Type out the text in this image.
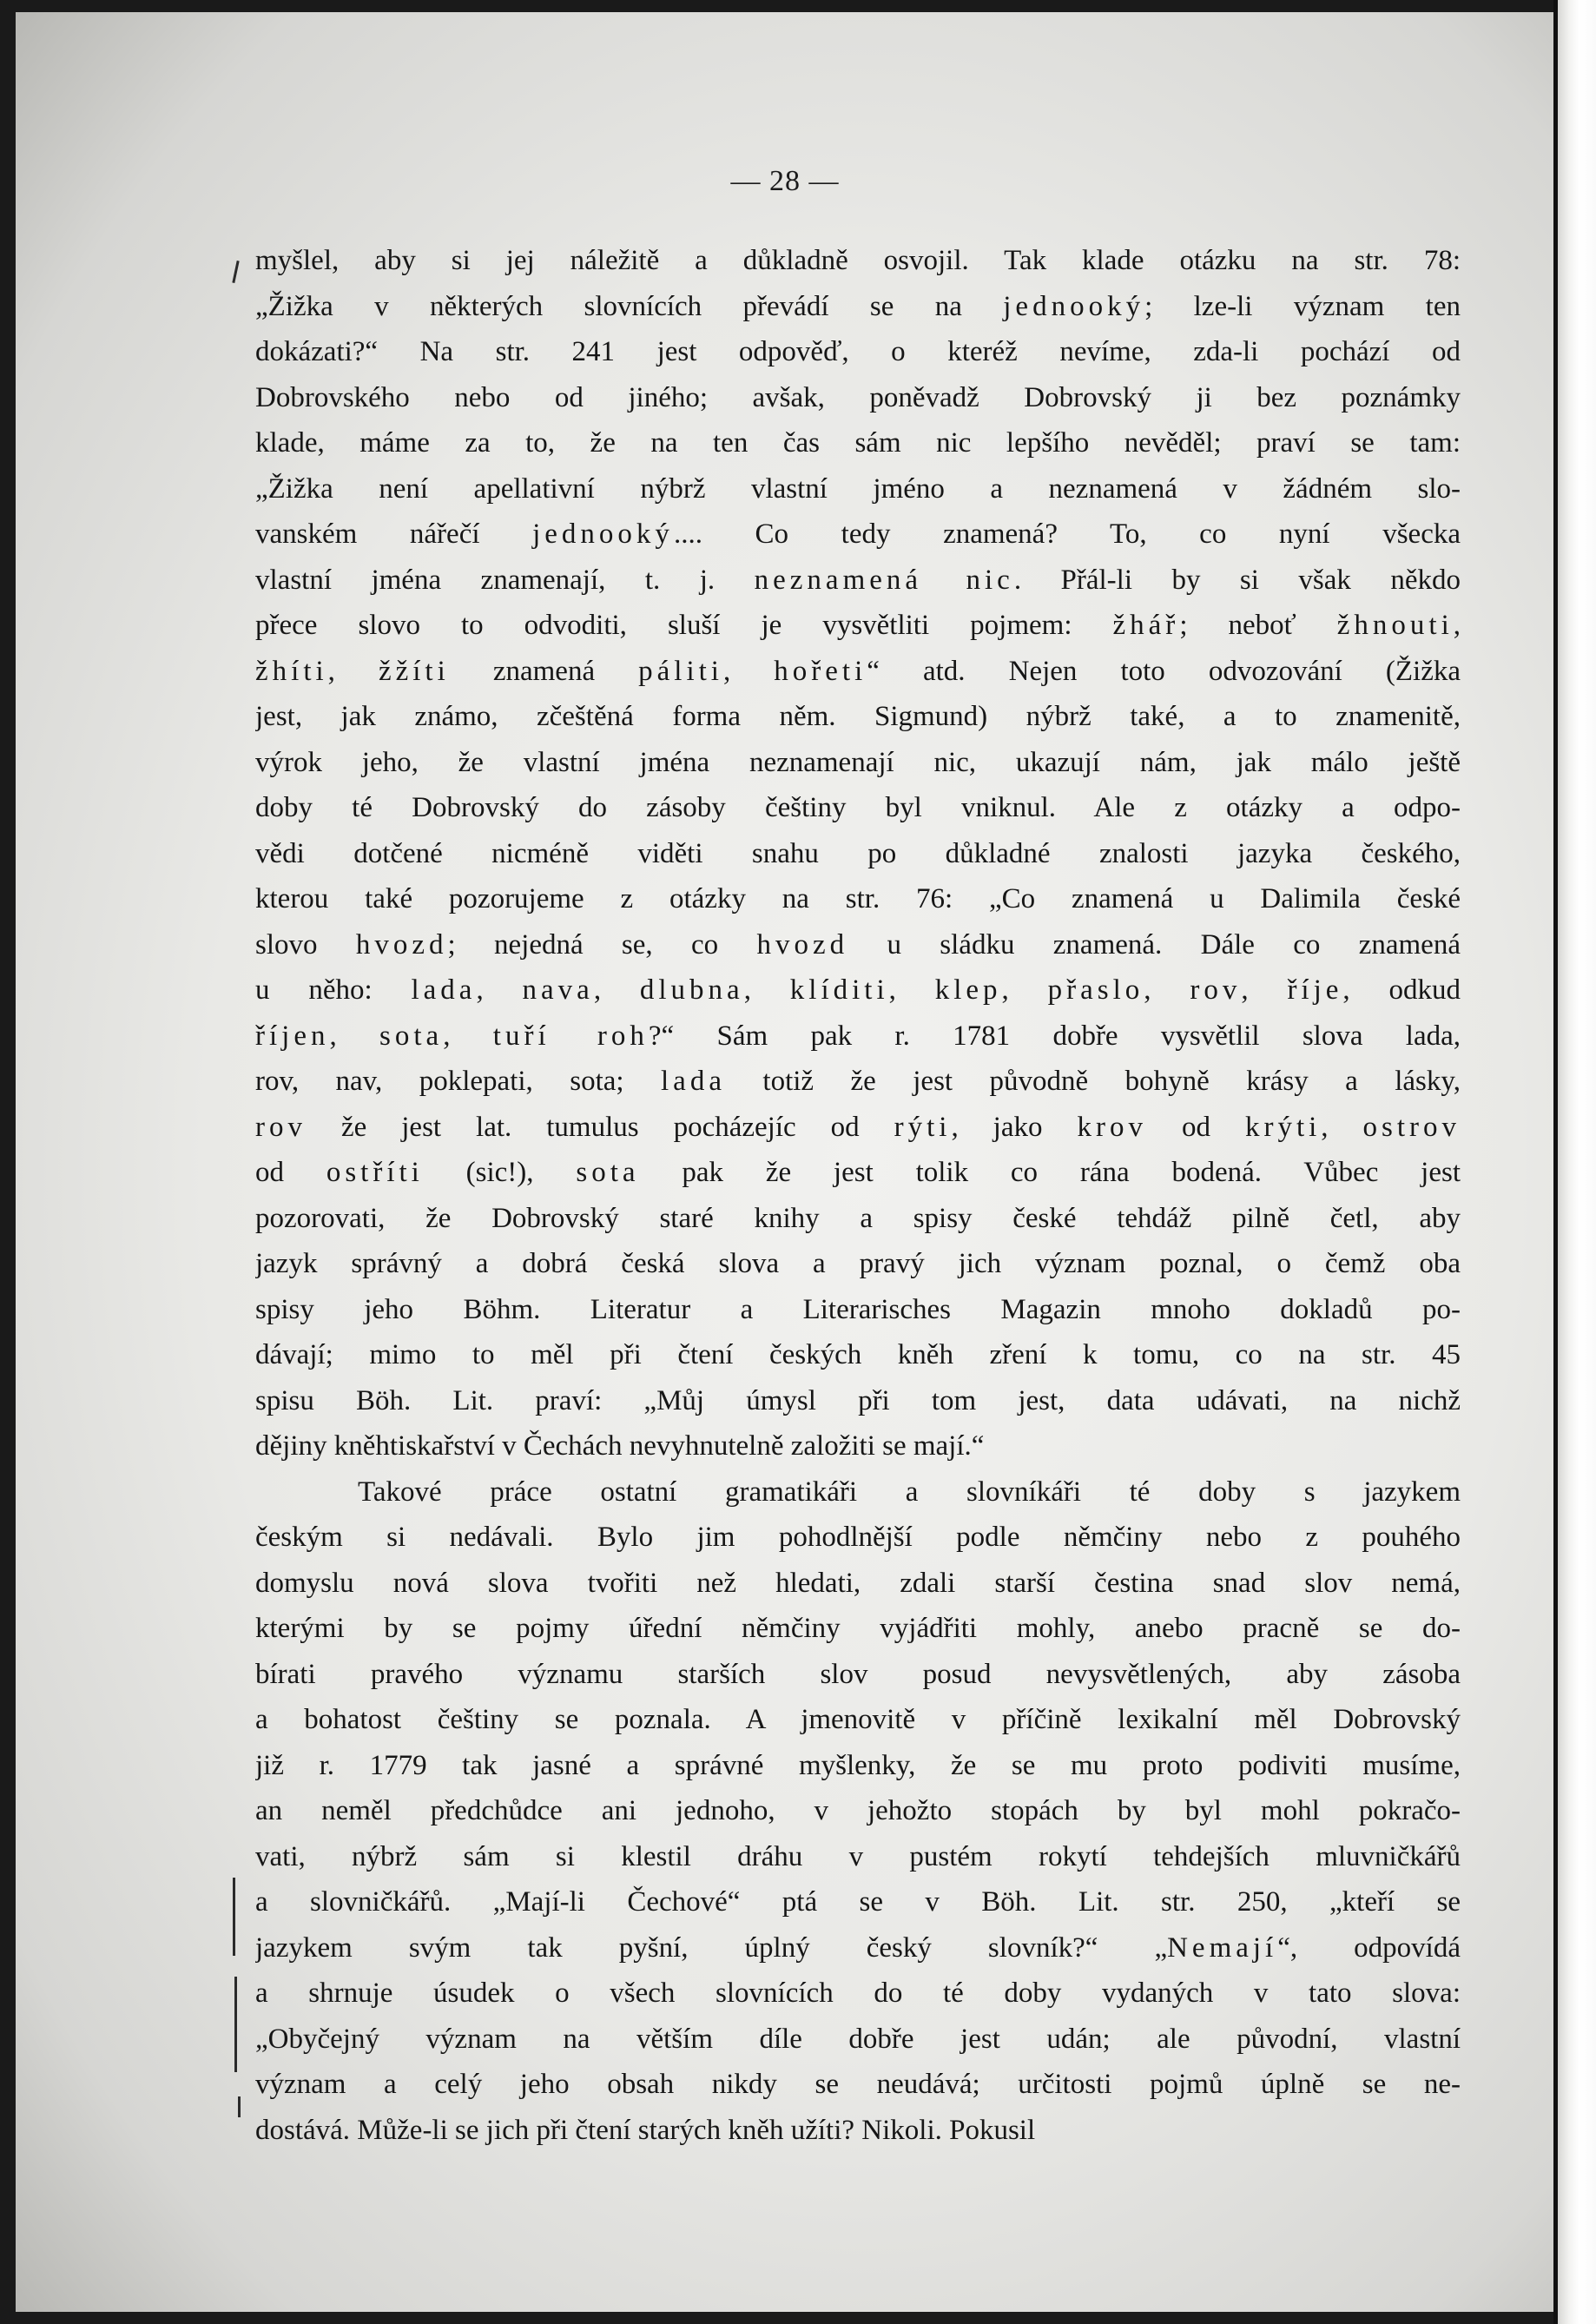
— 28 —
myšlel, aby si jej náležitě a důkladně osvojil. Tak klade otázku na str. 78:
„Žižka v některých slovnících převádí se na jednooký; lze-li význam ten
dokázati?“ Na str. 241 jest odpověď, o kteréž nevíme, zda-li pochází od
Dobrovského nebo od jiného; avšak, poněvadž Dobrovský ji bez poznámky
klade, máme za to, že na ten čas sám nic lepšího nevěděl; praví se tam:
„Žižka není apellativní nýbrž vlastní jméno a neznamená v žádném slo-
vanském nářečí jednooký.... Co tedy znamená? To, co nyní všecka
vlastní jména znamenají, t. j. neznamená nic. Přál-li by si však někdo
přece slovo to odvoditi, sluší je vysvětliti pojmem: žhář; neboť žhnouti,
žhíti, žžíti znamená páliti, hořeti“ atd. Nejen toto odvozování (Žižka
jest, jak známo, zčeštěná forma něm. Sigmund) nýbrž také, a to znamenitě,
výrok jeho, že vlastní jména neznamenají nic, ukazují nám, jak málo ještě
doby té Dobrovský do zásoby češtiny byl vniknul. Ale z otázky a odpo-
vědi dotčené nicméně viděti snahu po důkladné znalosti jazyka českého,
kterou také pozorujeme z otázky na str. 76: „Co znamená u Dalimila české
slovo hvozd; nejedná se, co hvozd u sládku znamená. Dále co znamená
u něho: lada, nava, dlubna, klíditi, klep, přaslo, rov, říje, odkud
říjen, sota, tuří roh?“ Sám pak r. 1781 dobře vysvětlil slova lada,
rov, nav, poklepati, sota; lada totiž že jest původně bohyně krásy a lásky,
rov že jest lat. tumulus pocházejíc od rýti, jako krov od krýti, ostrov
od ostříti (sic!), sota pak že jest tolik co rána bodená. Vůbec jest
pozorovati, že Dobrovský staré knihy a spisy české tehdáž pilně četl, aby
jazyk správný a dobrá česká slova a pravý jich význam poznal, o čemž oba
spisy jeho Böhm. Literatur a Literarisches Magazin mnoho dokladů po-
dávají; mimo to měl při čtení českých kněh zření k tomu, co na str. 45
spisu Böh. Lit. praví: „Můj úmysl při tom jest, data udávati, na nichž
dějiny kněhtiskařství v Čechách nevyhnutelně založiti se mají.“
Takové práce ostatní gramatikáři a slovníkáři té doby s jazykem
českým si nedávali. Bylo jim pohodlnější podle němčiny nebo z pouhého
domyslu nová slova tvořiti než hledati, zdali starší čestina snad slov nemá,
kterými by se pojmy úřední němčiny vyjádřiti mohly, anebo pracně se do-
bírati pravého významu starších slov posud nevysvětlených, aby zásoba
a bohatost češtiny se poznala. A jmenovitě v příčině lexikalní měl Dobrovský
již r. 1779 tak jasné a správné myšlenky, že se mu proto podiviti musíme,
an neměl předchůdce ani jednoho, v jehožto stopách by byl mohl pokračo-
vati, nýbrž sám si klestil dráhu v pustém rokytí tehdejších mluvničkářů
a slovničkářů. „Mají-li Čechové“ ptá se v Böh. Lit. str. 250, „kteří se
jazykem svým tak pyšní, úplný český slovník?“ „Nemají“, odpovídá
a shrnuje úsudek o všech slovnících do té doby vydaných v tato slova:
„Obyčejný význam na větším díle dobře jest udán; ale původní, vlastní
význam a celý jeho obsah nikdy se neudává; určitosti pojmů úplně se ne-
dostává. Může-li se jich při čtení starých kněh užíti? Nikoli. Pokusil
